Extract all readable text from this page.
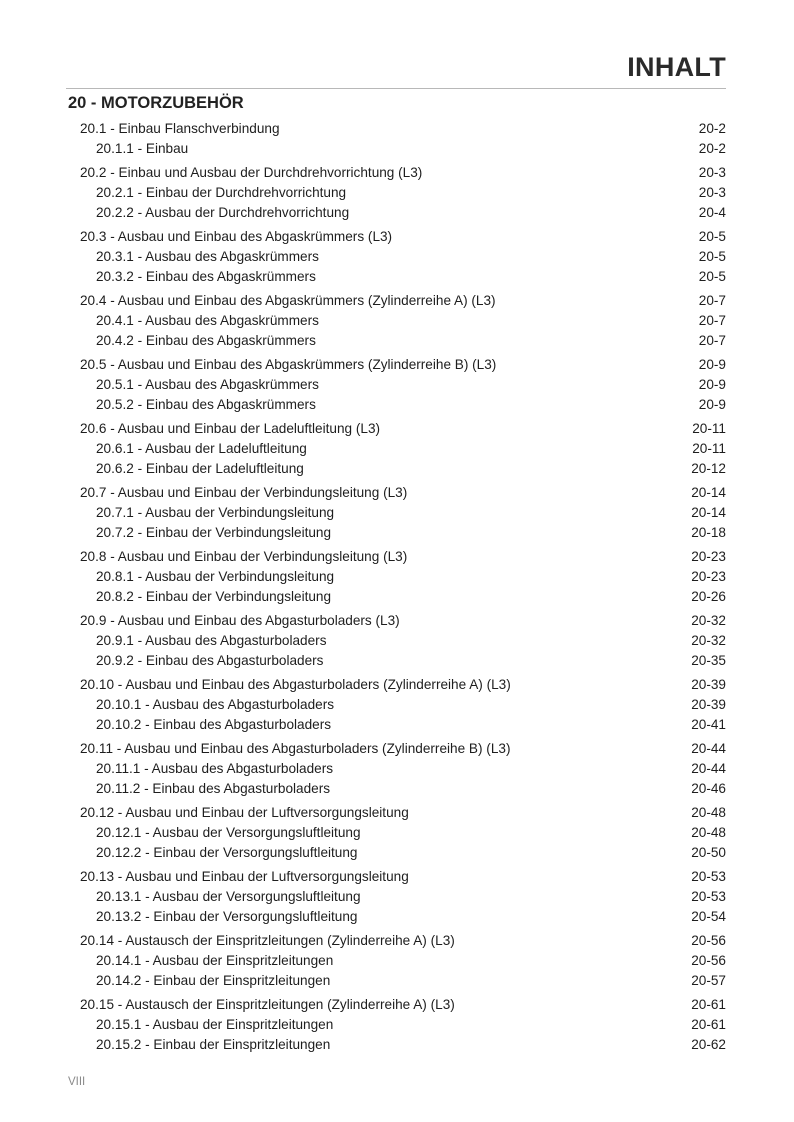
INHALT
20 - MOTORZUBEHÖR
20.1 - Einbau Flanschverbindung	20-2
20.1.1 - Einbau	20-2
20.2 - Einbau und Ausbau der Durchdrehvorrichtung (L3)	20-3
20.2.1 - Einbau der Durchdrehvorrichtung	20-3
20.2.2 - Ausbau der Durchdrehvorrichtung	20-4
20.3 - Ausbau und Einbau des Abgaskrümmers (L3)	20-5
20.3.1 - Ausbau des Abgaskrümmers	20-5
20.3.2 - Einbau des Abgaskrümmers	20-5
20.4 - Ausbau und Einbau des Abgaskrümmers (Zylinderreihe A) (L3)	20-7
20.4.1 - Ausbau des Abgaskrümmers	20-7
20.4.2 - Einbau des Abgaskrümmers	20-7
20.5 - Ausbau und Einbau des Abgaskrümmers (Zylinderreihe B) (L3)	20-9
20.5.1 - Ausbau des Abgaskrümmers	20-9
20.5.2 - Einbau des Abgaskrümmers	20-9
20.6 - Ausbau und Einbau der Ladeluftleitung (L3)	20-11
20.6.1 - Ausbau der Ladeluftleitung	20-11
20.6.2 - Einbau der Ladeluftleitung	20-12
20.7 - Ausbau und Einbau der Verbindungsleitung (L3)	20-14
20.7.1 - Ausbau der Verbindungsleitung	20-14
20.7.2 - Einbau der Verbindungsleitung	20-18
20.8 - Ausbau und Einbau der Verbindungsleitung (L3)	20-23
20.8.1 - Ausbau der Verbindungsleitung	20-23
20.8.2 - Einbau der Verbindungsleitung	20-26
20.9 - Ausbau und Einbau des Abgasturboladers (L3)	20-32
20.9.1 - Ausbau des Abgasturboladers	20-32
20.9.2 - Einbau des Abgasturboladers	20-35
20.10 - Ausbau und Einbau des Abgasturboladers (Zylinderreihe A) (L3)	20-39
20.10.1 - Ausbau des Abgasturboladers	20-39
20.10.2 - Einbau des Abgasturboladers	20-41
20.11 - Ausbau und Einbau des Abgasturboladers (Zylinderreihe B) (L3)	20-44
20.11.1 - Ausbau des Abgasturboladers	20-44
20.11.2 - Einbau des Abgasturboladers	20-46
20.12 - Ausbau und Einbau der Luftversorgungsleitung	20-48
20.12.1 - Ausbau der Versorgungsluftleitung	20-48
20.12.2 - Einbau der Versorgungsluftleitung	20-50
20.13 - Ausbau und Einbau der Luftversorgungsleitung	20-53
20.13.1 - Ausbau der Versorgungsluftleitung	20-53
20.13.2 - Einbau der Versorgungsluftleitung	20-54
20.14 - Austausch der Einspritzleitungen (Zylinderreihe A) (L3)	20-56
20.14.1 - Ausbau der Einspritzleitungen	20-56
20.14.2 - Einbau der Einspritzleitungen	20-57
20.15 - Austausch der Einspritzleitungen (Zylinderreihe A) (L3)	20-61
20.15.1 - Ausbau der Einspritzleitungen	20-61
20.15.2 - Einbau der Einspritzleitungen	20-62
VIII
